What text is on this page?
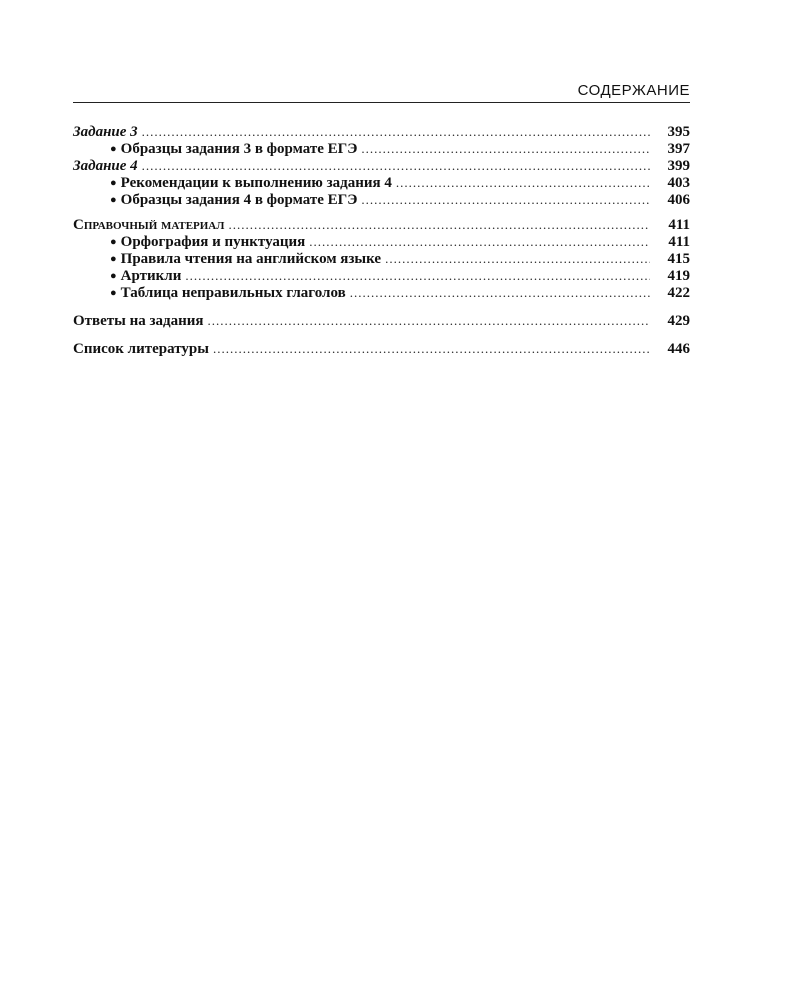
СОДЕРЖАНИЕ
Задание 3 .....	395
● Образцы задания 3 в формате ЕГЭ .....	397
Задание 4 .....	399
● Рекомендации к выполнению задания 4 .....	403
● Образцы задания 4 в формате ЕГЭ .....	406
Справочный материал .....	411
● Орфография и пунктуация .....	411
● Правила чтения на английском языке .....	415
● Артикли .....	419
● Таблица неправильных глаголов .....	422
Ответы на задания .....	429
Список литературы .....	446
